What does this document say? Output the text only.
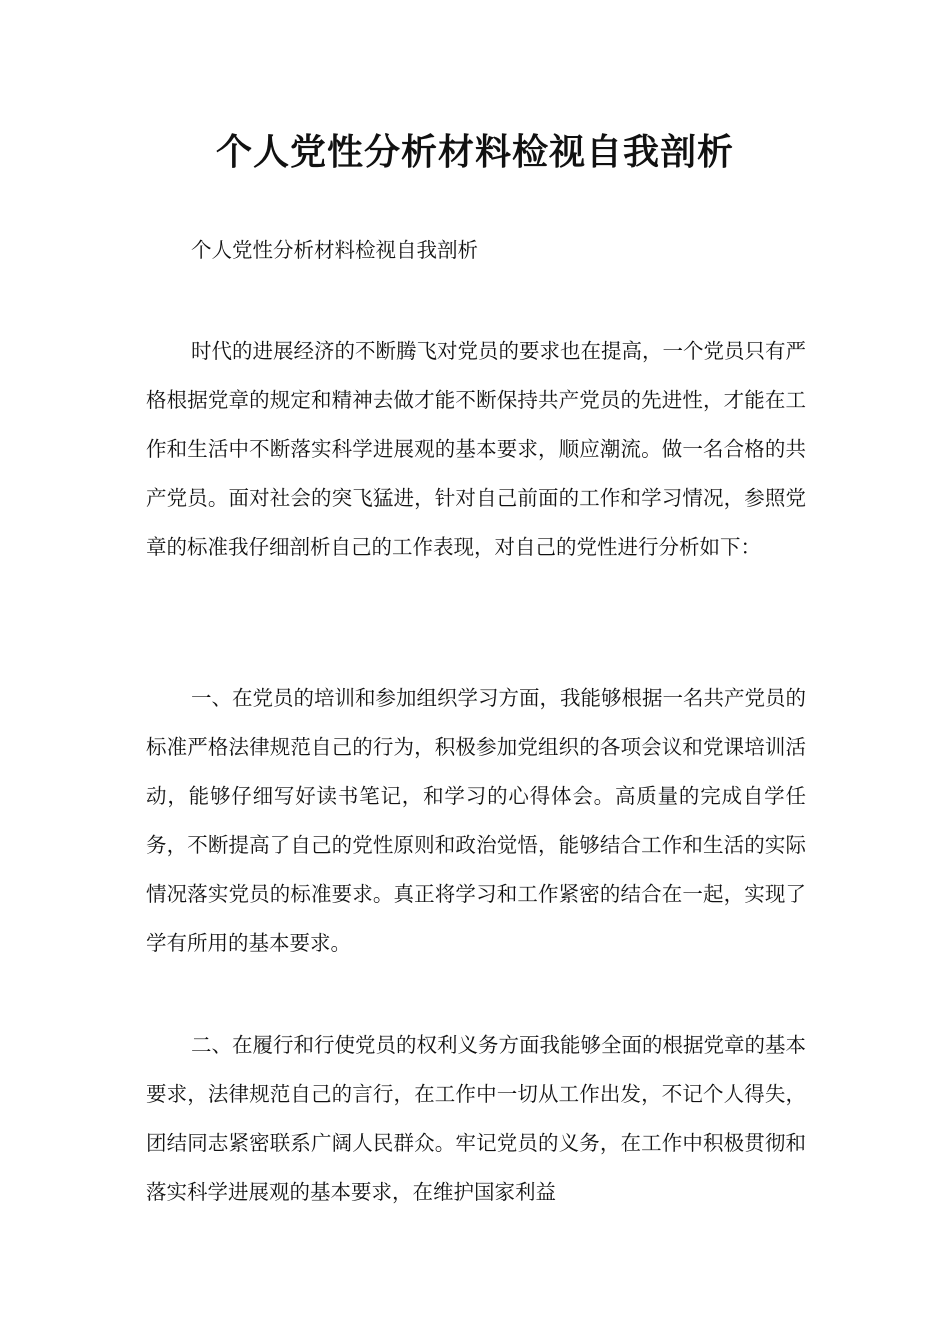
个人党性分析材料检视自我剖析

个人党性分析材料检视自我剖析

时代的进展经济的不断腾飞对党员的要求也在提高，一个党员只有严格根据党章的规定和精神去做才能不断保持共产党员的先进性，才能在工作和生活中不断落实科学进展观的基本要求，顺应潮流。做一名合格的共产党员。面对社会的突飞猛进，针对自己前面的工作和学习情况，参照党章的标准我仔细剖析自己的工作表现，对自己的党性进行分析如下：

一、在党员的培训和参加组织学习方面，我能够根据一名共产党员的标准严格法律规范自己的行为，积极参加党组织的各项会议和党课培训活动，能够仔细写好读书笔记，和学习的心得体会。高质量的完成自学任务，不断提高了自己的党性原则和政治觉悟，能够结合工作和生活的实际情况落实党员的标准要求。真正将学习和工作紧密的结合在一起，实现了学有所用的基本要求。

二、在履行和行使党员的权利义务方面我能够全面的根据党章的基本要求，法律规范自己的言行，在工作中一切从工作出发，不记个人得失，团结同志紧密联系广阔人民群众。牢记党员的义务，在工作中积极贯彻和落实科学进展观的基本要求，在维护国家利益
